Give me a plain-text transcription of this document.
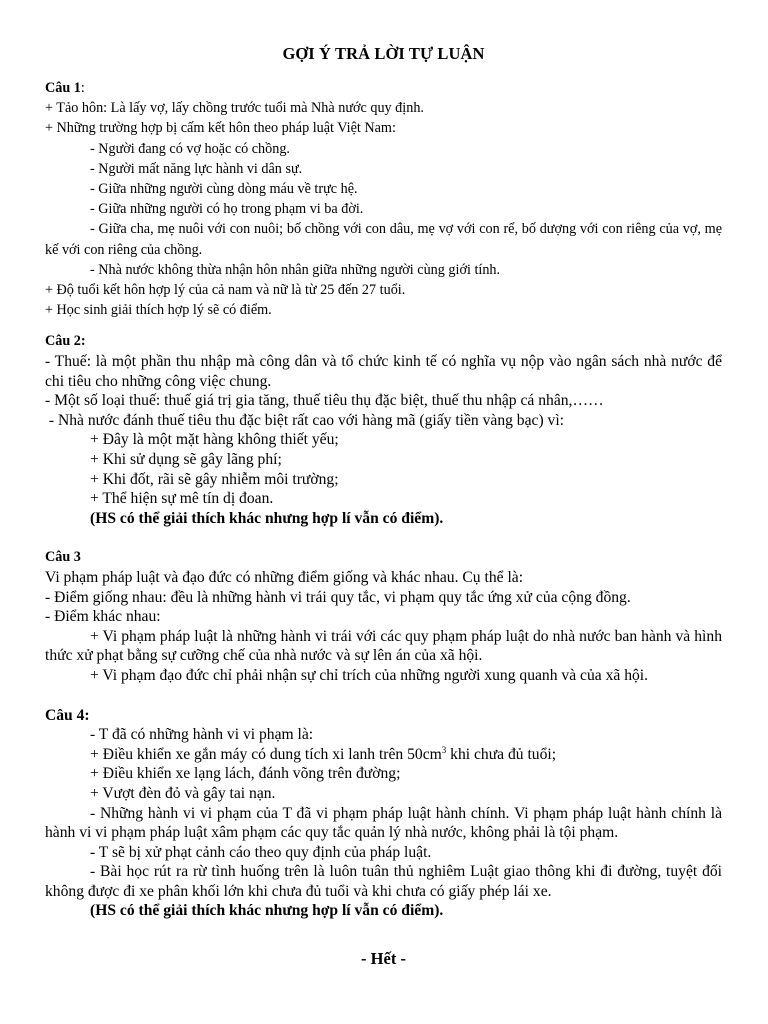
GỢI Ý TRẢ LỜI TỰ LUẬN
Câu 1:
+ Tảo hôn: Là lấy vợ, lấy chồng trước tuổi mà Nhà nước quy định.
+ Những trường hợp bị cấm kết hôn theo pháp luật Việt Nam:
- Người đang có vợ hoặc có chồng.
- Người mất năng lực hành vi dân sự.
- Giữa những người cùng dòng máu về trực hệ.
- Giữa những người có họ trong phạm vi ba đời.
- Giữa cha, mẹ nuôi với con nuôi; bố chồng với con dâu, mẹ vợ với con rể, bố dượng với con riêng của vợ, mẹ kế với con riêng của chồng.
- Nhà nước không thừa nhận hôn nhân giữa những người cùng giới tính.
+ Độ tuổi kết hôn hợp lý của cả nam và nữ là từ 25 đến 27 tuổi.
+ Học sinh giải thích hợp lý sẽ có điểm.
Câu 2:
- Thuế: là một phần thu nhập mà công dân và tổ chức kinh tế có nghĩa vụ nộp vào ngân sách nhà nước để chi tiêu cho những công việc chung.
- Một số loại thuế: thuế giá trị gia tăng, thuế tiêu thụ đặc biệt, thuế thu nhập cá nhân,……
- Nhà nước đánh thuế tiêu thu đặc biệt rất cao với hàng mã (giấy tiền vàng bạc) vì:
+ Đây là một mặt hàng không thiết yếu;
+ Khi sử dụng sẽ gây lãng phí;
+ Khi đốt, rãi sẽ gây nhiễm môi trường;
+ Thể hiện sự mê tín dị đoan.
(HS có thể giải thích khác nhưng hợp lí vẫn có điểm).
Câu 3
Vi phạm pháp luật và đạo đức có những điểm giống và khác nhau. Cụ thể là:
- Điểm giống nhau: đều là những hành vi trái quy tắc, vi phạm quy tắc ứng xử của cộng đồng.
- Điểm khác nhau:
+ Vi phạm pháp luật là những hành vi trái với các quy phạm pháp luật do nhà nước ban hành và hình thức xử phạt bằng sự cưỡng chế của nhà nước và sự lên án của xã hội.
+ Vi phạm đạo đức chỉ phải nhận sự chỉ trích của những người xung quanh và của xã hội.
Câu 4:
- T đã có những hành vi vi phạm là:
+ Điều khiển xe gắn máy có dung tích xi lanh trên $50cm^3$ khi chưa đủ tuổi;
+ Điều khiển xe lạng lách, đánh võng trên đường;
+ Vượt đèn đỏ và gây tai nạn.
- Những hành vi vi phạm của T đã vi phạm pháp luật hành chính. Vi phạm pháp luật hành chính là hành vi vi phạm pháp luật xâm phạm các quy tắc quản lý nhà nước, không phải là tội phạm.
- T sẽ bị xử phạt cảnh cáo theo quy định của pháp luật.
- Bài học rút ra rừ tình huống trên là luôn tuân thủ nghiêm Luật giao thông khi đi đường, tuyệt đối không được đi xe phân khối lớn khi chưa đủ tuổi và khi chưa có giấy phép lái xe.
(HS có thể giải thích khác nhưng hợp lí vẫn có điểm).
- Hết -
